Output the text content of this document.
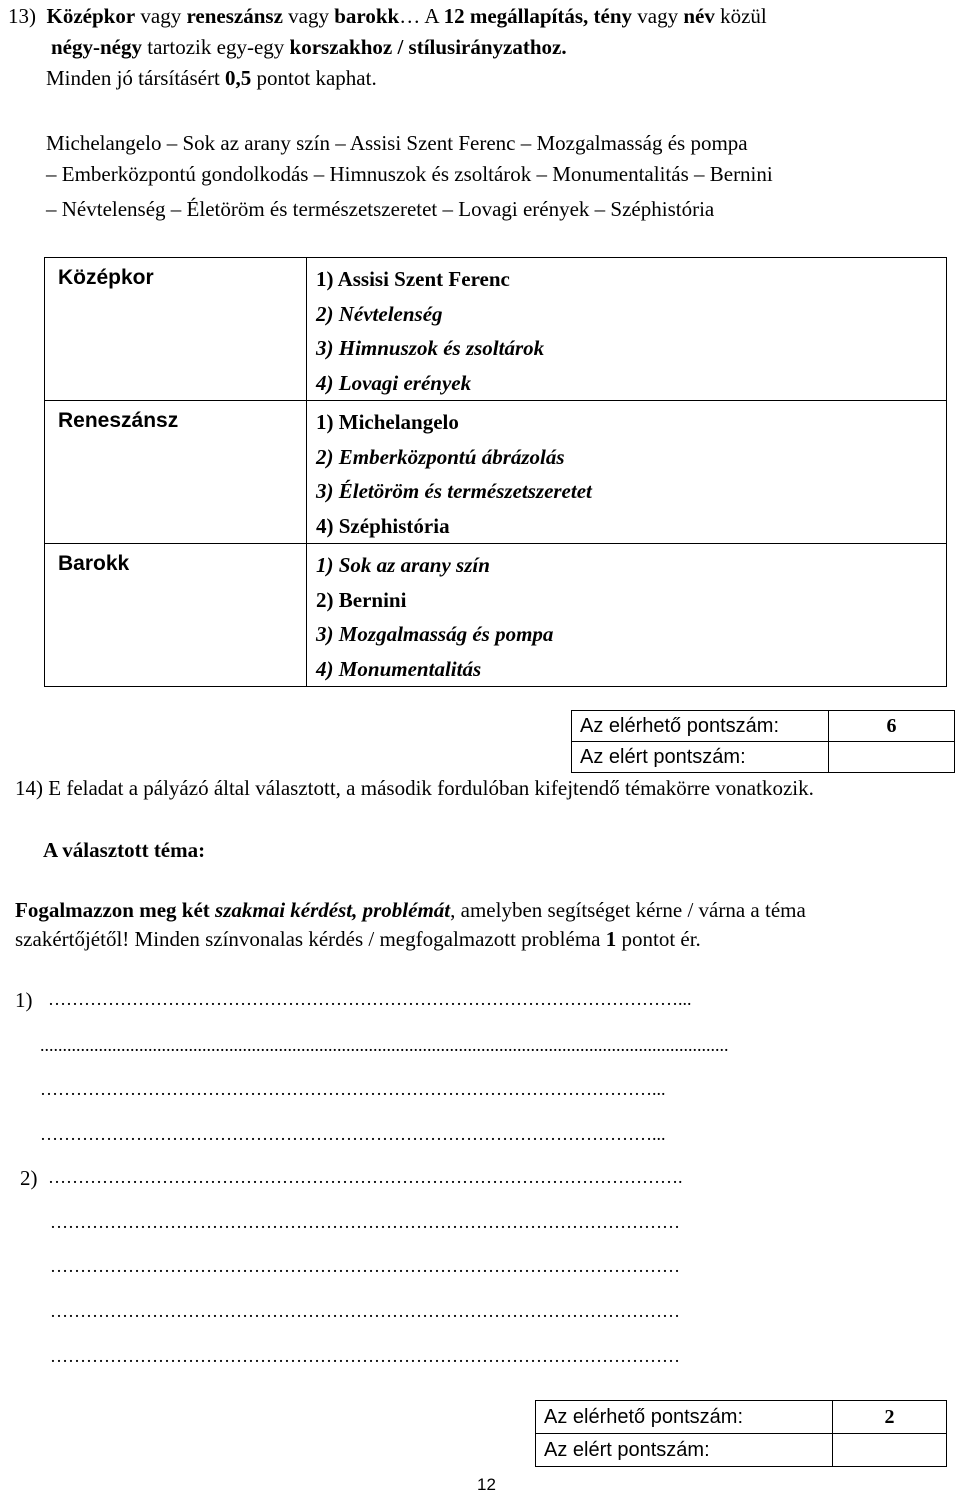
13) Középkor vagy reneszánsz vagy barokk… A 12 megállapítás, tény vagy név közül
négy-négy tartozik egy-egy korszakhoz / stílusirányzathoz.
Minden jó társításért 0,5 pontot kaphat.
Michelangelo – Sok az arany szín – Assisi Szent Ferenc – Mozgalmasság és pompa
– Emberközpontú gondolkodás – Himnuszok és zsoltárok – Monumentalitás – Bernini
– Névtelenség – Életöröm és természetszeretet – Lovagi erények – Széphistória
Középkor	1) Assisi Szent Ferenc
2) Névtelenség
3) Himnuszok és zsoltárok
4) Lovagi erények

Reneszánsz	1) Michelangelo
2) Emberközpontú ábrázolás
3) Életöröm és természetszeretet
4) Széphistória

Barokk	1) Sok az arany szín
2) Bernini
3) Mozgalmasság és pompa
4) Monumentalitás
Az elérhető pontszám:	6
Az elért pontszám:	
14) E feladat a pályázó által választott, a második fordulóban kifejtendő témakörre vonatkozik.
A választott téma:
Fogalmazzon meg két szakmai kérdést, problémát, amelyben segítséget kérne / várna a téma
szakértőjétől! Minden színvonalas kérdés / megfogalmazott probléma 1 pontot ér.
1) ……………………………………………………………………………………………...
.........................................................................................................................................................
…………………………………………………………………………………………...
…………………………………………………………………………………………...
2) …………………………………………………………………………………………….
……………………………………………………………………………………………
……………………………………………………………………………………………
……………………………………………………………………………………………
……………………………………………………………………………………………
Az elérhető pontszám:	2
Az elért pontszám:	
12
